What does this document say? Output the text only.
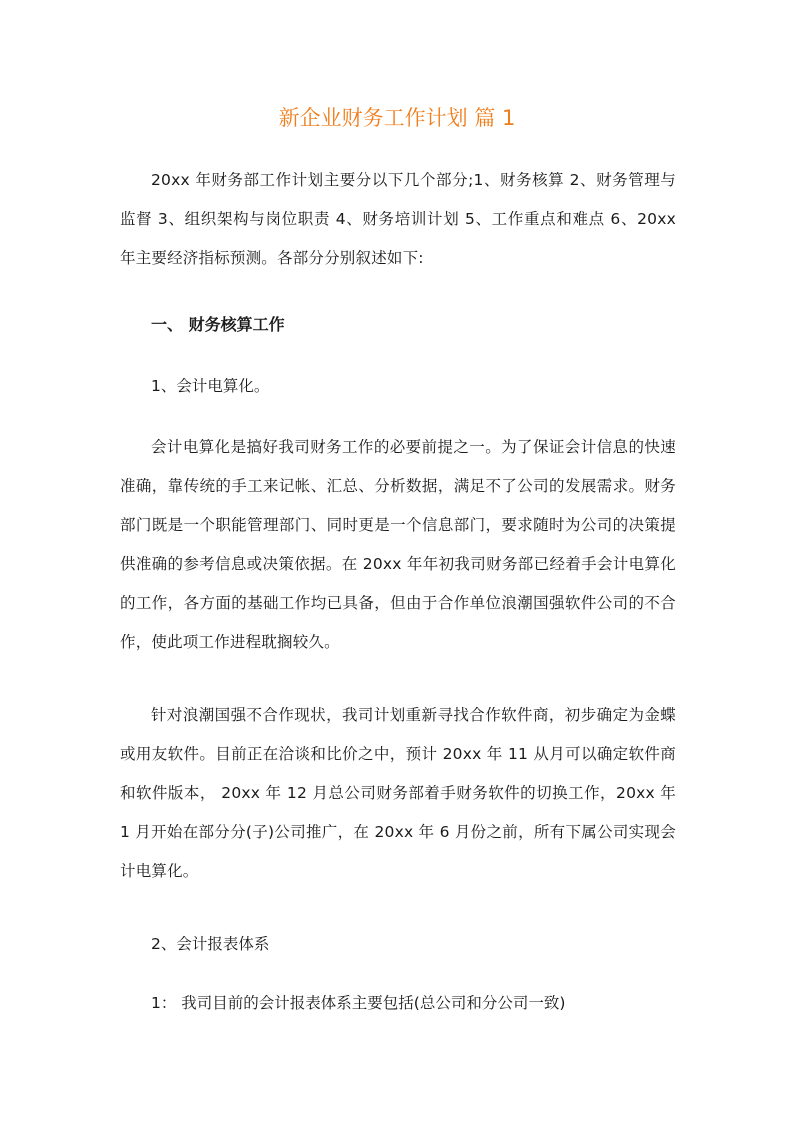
新企业财务工作计划 篇 1
20xx 年财务部工作计划主要分以下几个部分;1、财务核算 2、财务管理与监督 3、组织架构与岗位职责 4、财务培训计划 5、工作重点和难点 6、20xx 年主要经济指标预测。各部分分别叙述如下:
一、 财务核算工作
1、会计电算化。
会计电算化是搞好我司财务工作的必要前提之一。为了保证会计信息的快速准确，靠传统的手工来记帐、汇总、分析数据，满足不了公司的发展需求。财务部门既是一个职能管理部门、同时更是一个信息部门，要求随时为公司的决策提供准确的参考信息或决策依据。在 20xx 年年初我司财务部已经着手会计电算化的工作，各方面的基础工作均已具备，但由于合作单位浪潮国强软件公司的不合作，使此项工作进程耽搁较久。
针对浪潮国强不合作现状，我司计划重新寻找合作软件商，初步确定为金蝶或用友软件。目前正在洽谈和比价之中，预计 20xx 年 11 从月可以确定软件商和软件版本， 20xx 年 12 月总公司财务部着手财务软件的切换工作，20xx 年 1 月开始在部分分(子)公司推广，在 20xx 年 6 月份之前，所有下属公司实现会计电算化。
2、会计报表体系
1： 我司目前的会计报表体系主要包括(总公司和分公司一致)
